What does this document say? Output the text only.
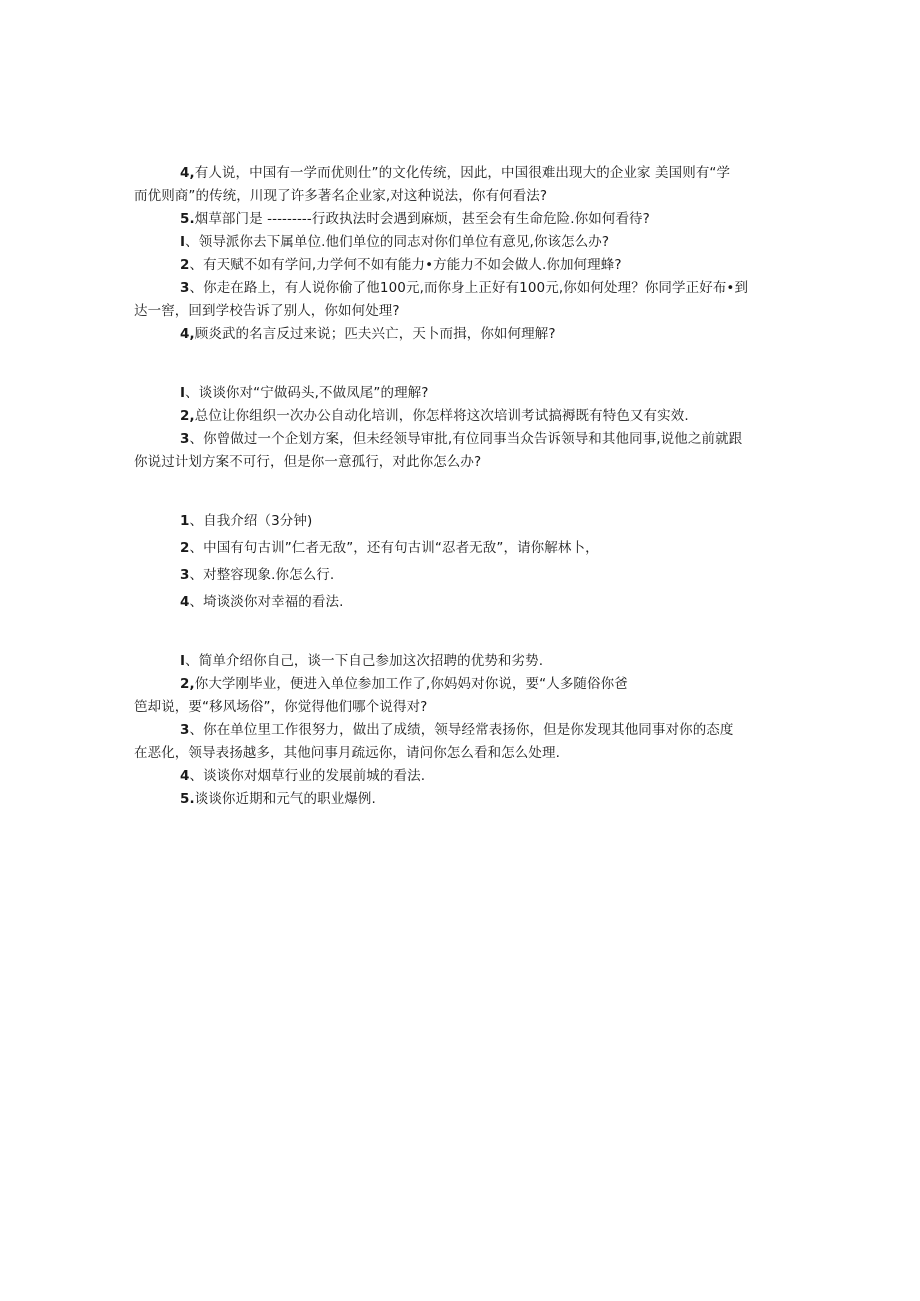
4,有人说，中国有一学而优则仕”的文化传统，因此，中国很难出现大的企业家 美国则有“学
而优则商”的传统，川现了许多著名企业家,对这种说法，你有何看法?
5.烟草部门是 ---------行政执法时会遇到麻烦，甚至会有生命危险.你如何看待?
I、领导派你去下属单位.他们单位的同志对你们单位有意见,你该怎么办?
2、有天赋不如有学问,力学何不如有能力•方能力不如会做人.你加何理蜂?
3、你走在路上，有人说你偷了他100元,而你身上正好有100元,你如何处理？你同学正好布•到
达一窖，回到学校告诉了别人，你如何处理?
4,顾炎武的名言反过来说；匹夫兴亡，天卜而揖，你如何理解?
I、谈谈你对“宁做码头,不做凤尾”的理解?
2,总位让你组织一次办公自动化培训，你怎样将这次培训考试搞褥既有特色又有实效.
3、你曾做过一个企划方案，但未经领导审批,有位同事当众告诉领导和其他同事,说他之前就跟
你说过计划方案不可行，但是你一意孤行，对此你怎么办?
1、自我介绍（3分钟)
2、中国有句古训”仁者无敌”，还有句古训“忍者无敌”，请你解林卜，
3、对整容现象.你怎么行.
4、埼谈淡你对幸福的看法.
I、简单介绍你自己，谈一下自己参加这次招聘的优势和劣势.
2,你大学刚毕业，便进入单位参加工作了,你妈妈对你说，要“人多随俗你爸
笆却说，要“移风场俗”，你觉得他们哪个说得对?
3、你在单位里工作很努力，做出了成绩，领导经常表扬你，但是你发现其他同事对你的态度
在恶化，领导表扬越多，其他问事月疏远你，请问你怎么看和怎么处理.
4、谈谈你对烟草行业的发展前城的看法.
5.谈谈你近期和元气的职业爆例.
